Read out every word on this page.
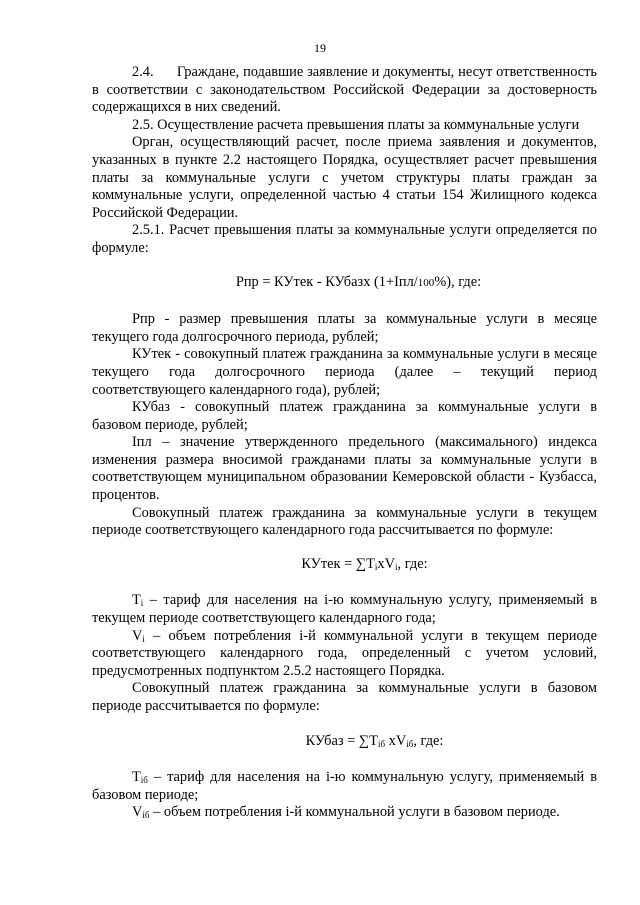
19

2.4.      Граждане, подавшие заявление и документы, несут ответственность в соответствии с законодательством Российской Федерации за достоверность содержащихся в них сведений.

2.5. Осуществление расчета превышения платы за коммунальные услуги

Орган, осуществляющий расчет, после приема заявления и документов, указанных в пункте 2.2 настоящего Порядка, осуществляет расчет превышения платы за коммунальные услуги с учетом структуры платы граждан за коммунальные услуги, определенной частью 4 статьи 154 Жилищного кодекса Российской Федерации.

2.5.1. Расчет превышения платы за коммунальные услуги определяется по формуле:

Рпр = КУтек - КУбазх (1+Iпл/100%), где:

Рпр - размер превышения платы за коммунальные услуги в месяце текущего года долгосрочного периода, рублей;

КУтек - совокупный платеж гражданина за коммунальные услуги в месяце текущего года долгосрочного периода (далее – текущий период соответствующего календарного года), рублей;

КУбаз - совокупный платеж гражданина за коммунальные услуги в базовом периоде, рублей;

Iпл – значение утвержденного предельного (максимального) индекса изменения размера вносимой гражданами платы за коммунальные услуги в соответствующем муниципальном образовании Кемеровской области - Кузбасса, процентов.

Совокупный платеж гражданина за коммунальные услуги в текущем периоде соответствующего календарного года рассчитывается по формуле:

КУтек = $\sum T_ixV_i$, где:

$T_i$ – тариф для населения на i-ю коммунальную услугу, применяемый в текущем периоде соответствующего календарного года;

$V_i$ – объем потребления i-й коммунальной услуги в текущем периоде соответствующего календарного года, определенный с учетом условий, предусмотренных подпунктом 2.5.2 настоящего Порядка.

Совокупный платеж гражданина за коммунальные услуги в базовом периоде рассчитывается по формуле:

КУбаз = $\sum T_{iб}$ $xV_{iб}$, где:

$T_{iб}$ – тариф для населения на i-ю коммунальную услугу, применяемый в базовом периоде;

$V_{iб}$ – объем потребления i-й коммунальной услуги в базовом периоде.
